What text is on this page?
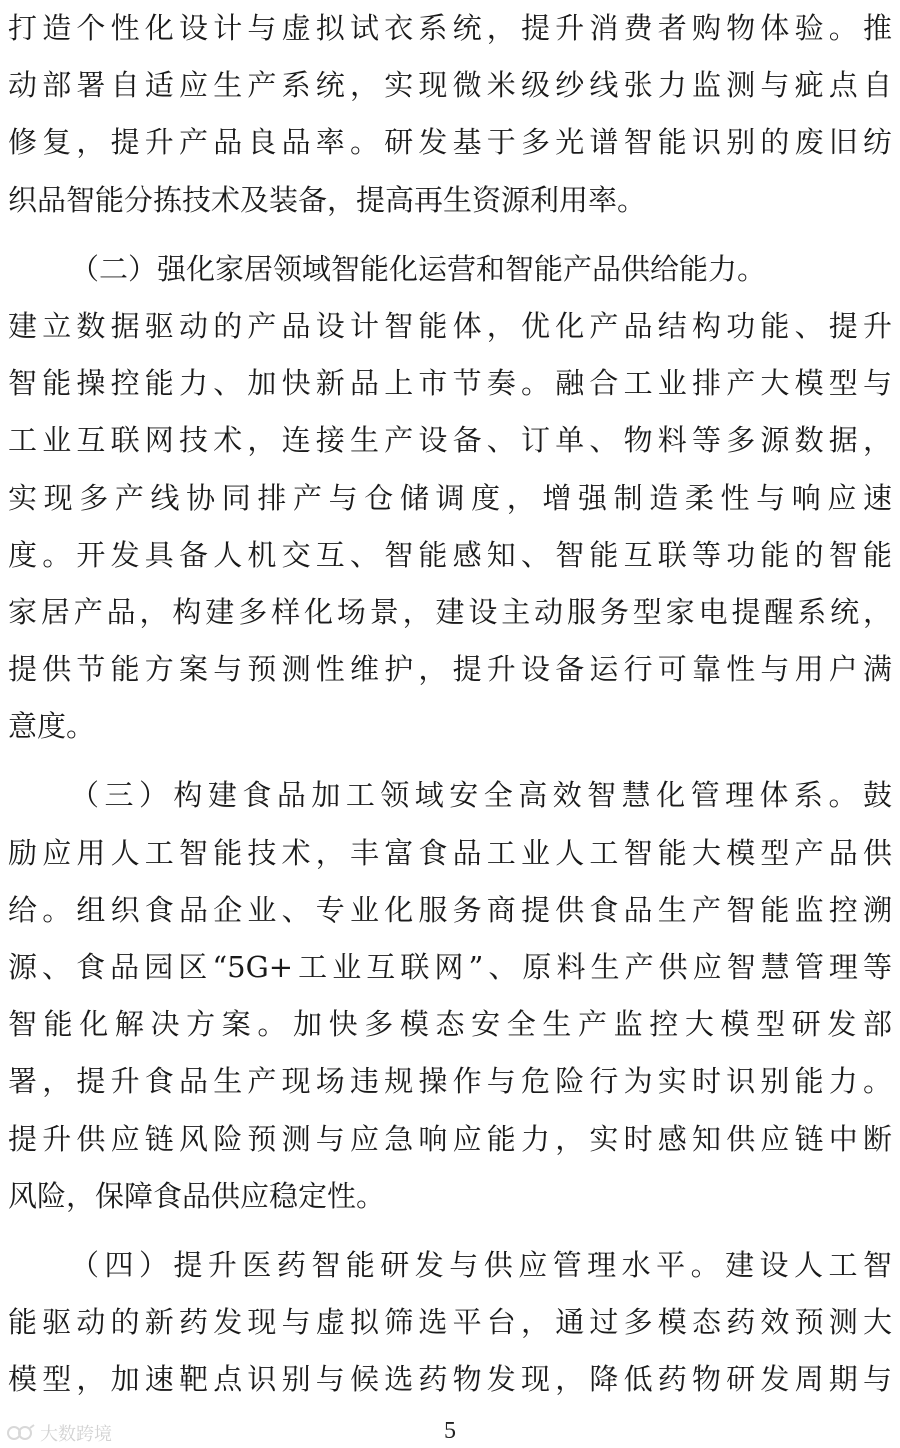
打造个性化设计与虚拟试衣系统，提升消费者购物体验。推
动部署自适应生产系统，实现微米级纱线张力监测与疵点自
修复，提升产品良品率。研发基于多光谱智能识别的废旧纺
织品智能分拣技术及装备，提高再生资源利用率。
（二）强化家居领域智能化运营和智能产品供给能力。
建立数据驱动的产品设计智能体，优化产品结构功能、提升
智能操控能力、加快新品上市节奏。融合工业排产大模型与
工业互联网技术，连接生产设备、订单、物料等多源数据，
实现多产线协同排产与仓储调度，增强制造柔性与响应速
度。开发具备人机交互、智能感知、智能互联等功能的智能
家居产品，构建多样化场景，建设主动服务型家电提醒系统，
提供节能方案与预测性维护，提升设备运行可靠性与用户满
意度。
（三）构建食品加工领域安全高效智慧化管理体系。鼓
励应用人工智能技术，丰富食品工业人工智能大模型产品供
给。组织食品企业、专业化服务商提供食品生产智能监控溯
源、食品园区“5G+工业互联网”、原料生产供应智慧管理等
智能化解决方案。加快多模态安全生产监控大模型研发部
署，提升食品生产现场违规操作与危险行为实时识别能力。
提升供应链风险预测与应急响应能力，实时感知供应链中断
风险，保障食品供应稳定性。
（四）提升医药智能研发与供应管理水平。建设人工智
能驱动的新药发现与虚拟筛选平台，通过多模态药效预测大
模型，加速靶点识别与候选药物发现，降低药物研发周期与
大数跨境	5
